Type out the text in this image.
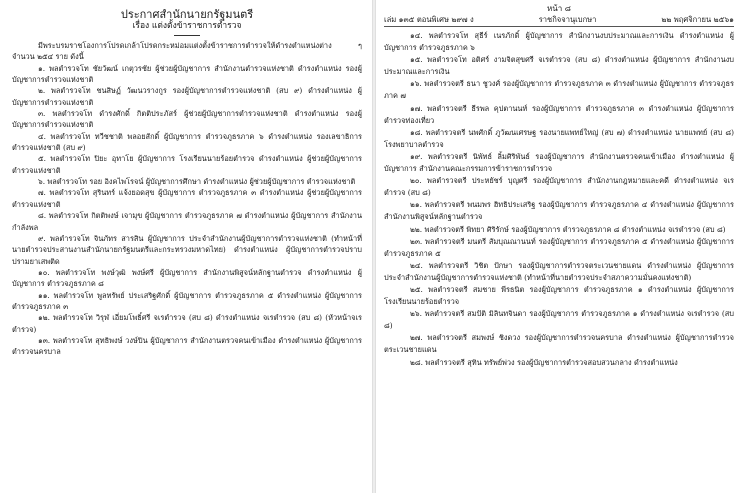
ประกาศสำนักนายกรัฐมนตรี
เรื่อง แต่งตั้งข้าราชการตำรวจ

มีพระบรมราชโองการโปรดเกล้าโปรดกระหม่อมแต่งตั้งข้าราชการตำรวจให้ดำรงตำแหน่งต่าง ๆ จำนวน ๒๕๔ ราย ดังนี้

๑. พลตำรวจโท ชัยวัฒน์ เกตุวรชัย ผู้ช่วยผู้บัญชาการ สำนักงานตำรวจแห่งชาติ ดำรงตำแหน่ง รองผู้บัญชาการตำรวจแห่งชาติ
๒. พลตำรวจโท ชนสิษฏ์ วัฒนวรางกูร รองผู้บัญชาการตำรวจแห่งชาติ (สบ ๙) ดำรงตำแหน่ง ผู้บัญชาการตำรวจแห่งชาติ
๓. พลตำรวจโท ดำรงศักดิ์ กิตติประภัสร์ ผู้ช่วยผู้บัญชาการตำรวจแห่งชาติ ดำรงตำแหน่ง รองผู้บัญชาการตำรวจแห่งชาติ
๔. พลตำรวจโท ทวีชชาติ พลอยสักดิ์ ผู้บัญชาการ ตำรวจภูธรภาค ๖ ดำรงตำแหน่ง รองเลขาธิการตำรวจแห่งชาติ (สบ ๙)
๕. พลตำรวจโท ปิยะ อุทาโย ผู้บัญชาการ โรงเรียนนายร้อยตำรวจ ดำรงตำแหน่ง ผู้ช่วยผู้บัญชาการตำรวจแห่งชาติ
๖. พลตำรวจโท รอย อิงคไพโรจน์ ผู้บัญชาการศึกษา ดำรงตำแหน่ง ผู้ช่วยผู้บัญชาการ ตำรวจแห่งชาติ
๗. พลตำรวจโท สุรินทร์ แจ้งยอดสุข ผู้บัญชาการ ตำรวจภูธรภาค ๓ ดำรงตำแหน่ง ผู้ช่วยผู้บัญชาการตำรวจแห่งชาติ
๘. พลตำรวจโท กิตติพงษ์ เจามุข ผู้บัญชาการ ตำรวจภูธรภาค ๗ ดำรงตำแหน่ง ผู้บัญชาการ สำนักงานกำลังพล
๙. พลตำรวจโท จินภัทร สารสิน ผู้บัญชาการ ประจำสำนักงานผู้บัญชาการตำรวจแห่งชาติ (ทำหน้าที่นายตำรวจประสานงานสำนักนายกรัฐมนตรีและกระทรวงมหาดไทย) ดำรงตำแหน่ง ผู้บัญชาการตำรวจปราบปรามยาเสพติด
๑๐. พลตำรวจโท พงษ์วุฒิ พงษ์ศรี ผู้บัญชาการ สำนักงานพิสูจน์หลักฐานตำรวจ ดำรงตำแหน่ง ผู้บัญชาการ ตำรวจภูธรภาค ๘
๑๑. พลตำรวจโท พูลทรัพย์ ประเสริฐศักดิ์ ผู้บัญชาการ ตำรวจภูธรภาค ๕ ดำรงตำแหน่ง ผู้บัญชาการ ตำรวจภูธรภาค ๓
๑๒. พลตำรวจโท วิรุฬ เอี่ยมโพธิ์ศรี จเรตำรวจ (สบ ๘) ดำรงตำแหน่ง จเรตำรวจ (สบ ๘) (หัวหน้าจเรตำรวจ)
๑๓. พลตำรวจโท สุทธิพงษ์ วงษ์ปิน ผู้บัญชาการ สำนักงานตรวจคนเข้าเมือง ดำรงตำแหน่ง ผู้บัญชาการตำรวจนครบาล
หน้า ๘
เล่ม ๑๓๕ ตอนพิเศษ ๒๙๗ ง	ราชกิจจานุเบกษา	๒๒ พฤศจิกายน ๒๕๖๑
๑๔. พลตำรวจโท สุธีร์ เนรภักดิ์ ผู้บัญชาการ สำนักงานงบประมาณและการเงิน ดำรงตำแหน่ง ผู้บัญชาการ ตำรวจภูธรภาค ๖
๑๕. พลตำรวจโท อติศร์ งามจิตสุขศรี จเรตำรวจ (สบ ๘) ดำรงตำแหน่ง ผู้บัญชาการ สำนักงานงบประมาณและการเงิน
๑๖. พลตำรวจตรี ธนา ชูวงศ์ รองผู้บัญชาการ ตำรวจภูธรภาค ๓ ดำรงตำแหน่ง ผู้บัญชาการ ตำรวจภูธรภาค ๗
๑๗. พลตำรวจตรี ธีรพล คุปตานนท์ รองผู้บัญชาการ ตำรวจภูธรภาค ๓ ดำรงตำแหน่ง ผู้บัญชาการตำรวจท่องเที่ยว
๑๘. พลตำรวจตรี นพศักดิ์ ภูวัฒนเศรษฐ รองนายแพทย์ใหญ่ (สบ ๗) ดำรงตำแหน่ง นายแพทย์ (สบ ๘) โรงพยาบาลตำรวจ
๑๙. พลตำรวจตรี นิพัทธ์ ลิ้มศิริพันธ์ รองผู้บัญชาการ สำนักงานตรวจคนเข้าเมือง ดำรงตำแหน่ง ผู้บัญชาการ สำนักงานคณะกรรมการข้าราชการตำรวจ
๒๐. พลตำรวจตรี ประหยัชร์ บุญศรี รองผู้บัญชาการ สำนักงานกฎหมายและคดี ดำรงตำแหน่ง จเรตำรวจ (สบ ๘)
๒๑. พลตำรวจตรี พนมพร ฮิทธิประเสริฐ รองผู้บัญชาการ ตำรวจภูธรภาค ๔ ดำรงตำแหน่ง ผู้บัญชาการ สำนักงานพิสูจน์หลักฐานตำรวจ
๒๒. พลตำรวจตรี พิทยา ศิริรักษ์ รองผู้บัญชาการ ตำรวจภูธรภาค ๘ ดำรงตำแหน่ง จเรตำรวจ (สบ ๘)
๒๓. พลตำรวจตรี มนตรี สัมบุณณานนท์ รองผู้บัญชาการ ตำรวจภูธรภาค ๕ ดำรงตำแหน่ง ผู้บัญชาการ ตำรวจภูธรภาค ๕
๒๔. พลตำรวจตรี วิชิต ปักษา รองผู้บัญชาการตำรวจตระเวนชายแดน ดำรงตำแหน่ง ผู้บัญชาการ ประจำสำนักงานผู้บัญชาการตำรวจแห่งชาติ (ทำหน้าที่นายตำรวจประจำสภาความมั่นคงแห่งชาติ)
๒๕. พลตำรวจตรี สมชาย พีรธนิต รองผู้บัญชาการ ตำรวจภูธรภาค ๑ ดำรงตำแหน่ง ผู้บัญชาการ โรงเรียนนายร้อยตำรวจ
๒๖. พลตำรวจตรี สมปัติ มิลินทจินดา รองผู้บัญชาการ ตำรวจภูธรภาค ๑ ดำรงตำแหน่ง จเรตำรวจ (สบ ๘)
๒๗. พลตำรวจตรี สมพงษ์ ชิงดวง รองผู้บัญชาการตำรวจนครบาล ดำรงตำแหน่ง ผู้บัญชาการตำรวจตระเวนชายแดน
๒๘. พลตำรวจตรี สุทิน ทรัพย์พ่วง รองผู้บัญชาการตำรวจสอบสวนกลาง ดำรงตำแหน่ง
